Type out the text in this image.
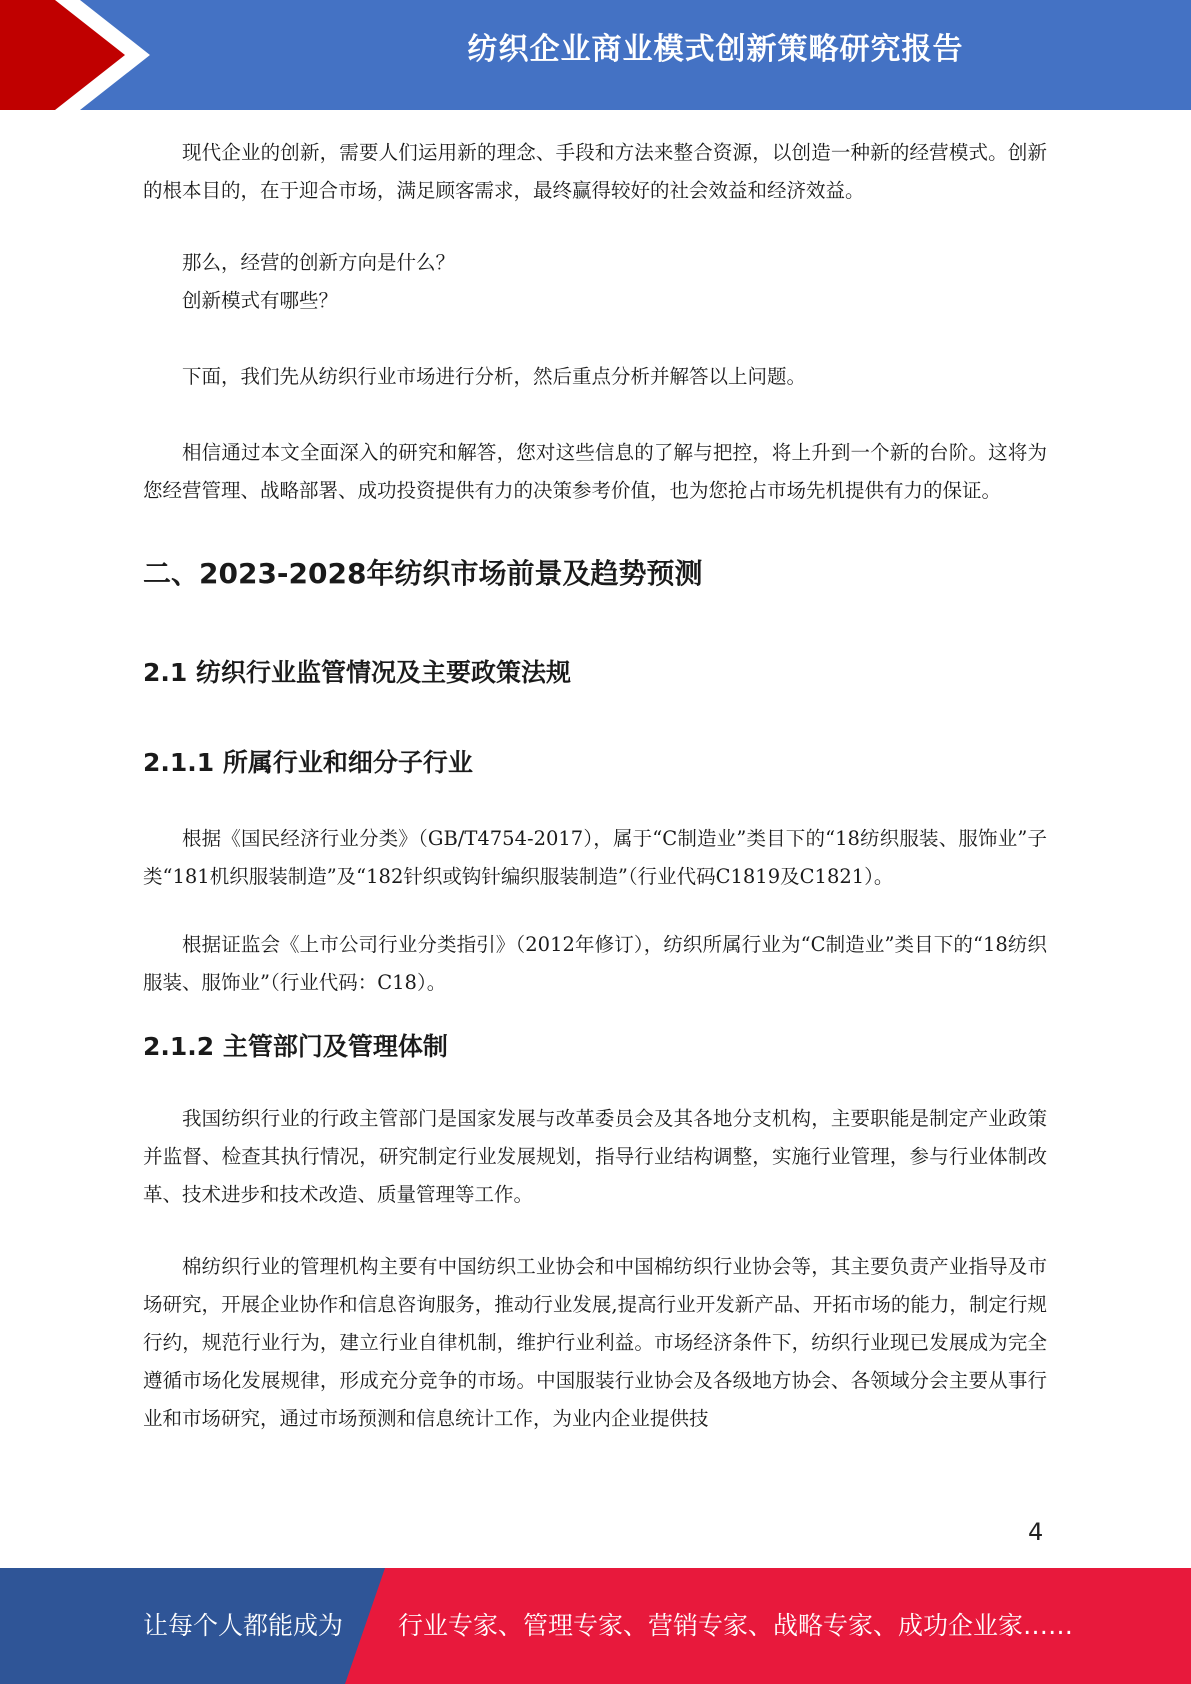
纺织企业商业模式创新策略研究报告

现代企业的创新，需要人们运用新的理念、手段和方法来整合资源，以创造一种新的经营模式。创新的根本目的，在于迎合市场，满足顾客需求，最终赢得较好的社会效益和经济效益。

那么，经营的创新方向是什么？

创新模式有哪些？

下面，我们先从纺织行业市场进行分析，然后重点分析并解答以上问题。

相信通过本文全面深入的研究和解答，您对这些信息的了解与把控，将上升到一个新的台阶。这将为您经营管理、战略部署、成功投资提供有力的决策参考价值，也为您抢占市场先机提供有力的保证。

二、2023-2028年纺织市场前景及趋势预测
2.1 纺织行业监管情况及主要政策法规
2.1.1 所属行业和细分子行业

根据《国民经济行业分类》（GB/T4754-2017），属于“C制造业”类目下的“18纺织服装、服饰业”子类“181机织服装制造”及“182针织或钩针编织服装制造”（行业代码C1819及C1821）。

根据证监会《上市公司行业分类指引》（2012年修订），纺织所属行业为“C制造业”类目下的“18纺织服装、服饰业”（行业代码：C18）。

2.1.2 主管部门及管理体制

我国纺织行业的行政主管部门是国家发展与改革委员会及其各地分支机构，主要职能是制定产业政策并监督、检查其执行情况，研究制定行业发展规划，指导行业结构调整，实施行业管理，参与行业体制改革、技术进步和技术改造、质量管理等工作。

棉纺织行业的管理机构主要有中国纺织工业协会和中国棉纺织行业协会等，其主要负责产业指导及市场研究，开展企业协作和信息咨询服务，推动行业发展,提高行业开发新产品、开拓市场的能力，制定行规行约，规范行业行为，建立行业自律机制，维护行业利益。市场经济条件下，纺织行业现已发展成为完全遵循市场化发展规律，形成充分竞争的市场。中国服装行业协会及各级地方协会、各领域分会主要从事行业和市场研究，通过市场预测和信息统计工作，为业内企业提供技

4
让每个人都能成为 行业专家、管理专家、营销专家、战略专家、成功企业家……
